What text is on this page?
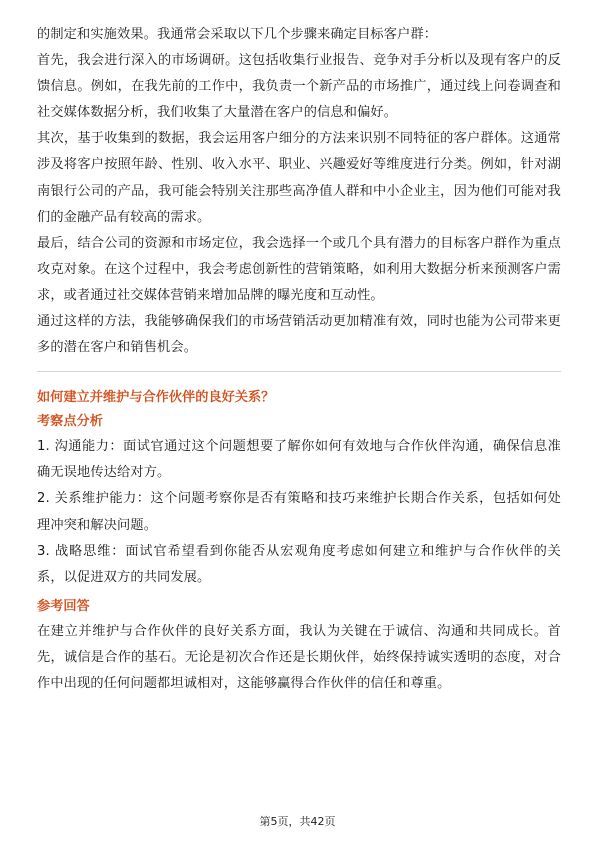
的制定和实施效果。我通常会采取以下几个步骤来确定目标客户群：

首先，我会进行深入的市场调研。这包括收集行业报告、竞争对手分析以及现有客户的反馈信息。例如，在我先前的工作中，我负责一个新产品的市场推广，通过线上问卷调查和社交媒体数据分析，我们收集了大量潜在客户的信息和偏好。

其次，基于收集到的数据，我会运用客户细分的方法来识别不同特征的客户群体。这通常涉及将客户按照年龄、性别、收入水平、职业、兴趣爱好等维度进行分类。例如，针对湖南银行公司的产品，我可能会特别关注那些高净值人群和中小企业主，因为他们可能对我们的金融产品有较高的需求。

最后，结合公司的资源和市场定位，我会选择一个或几个具有潜力的目标客户群作为重点攻克对象。在这个过程中，我会考虑创新性的营销策略，如利用大数据分析来预测客户需求，或者通过社交媒体营销来增加品牌的曝光度和互动性。

通过这样的方法，我能够确保我们的市场营销活动更加精准有效，同时也能为公司带来更多的潜在客户和销售机会。

如何建立并维护与合作伙伴的良好关系？
考察点分析

1. 沟通能力：面试官通过这个问题想要了解你如何有效地与合作伙伴沟通，确保信息准确无误地传达给对方。

2. 关系维护能力：这个问题考察你是否有策略和技巧来维护长期合作关系，包括如何处理冲突和解决问题。

3. 战略思维：面试官希望看到你能否从宏观角度考虑如何建立和维护与合作伙伴的关系，以促进双方的共同发展。

参考回答

在建立并维护与合作伙伴的良好关系方面，我认为关键在于诚信、沟通和共同成长。首先，诚信是合作的基石。无论是初次合作还是长期伙伴，始终保持诚实透明的态度，对合作中出现的任何问题都坦诚相对，这能够赢得合作伙伴的信任和尊重。

第5页，共42页
